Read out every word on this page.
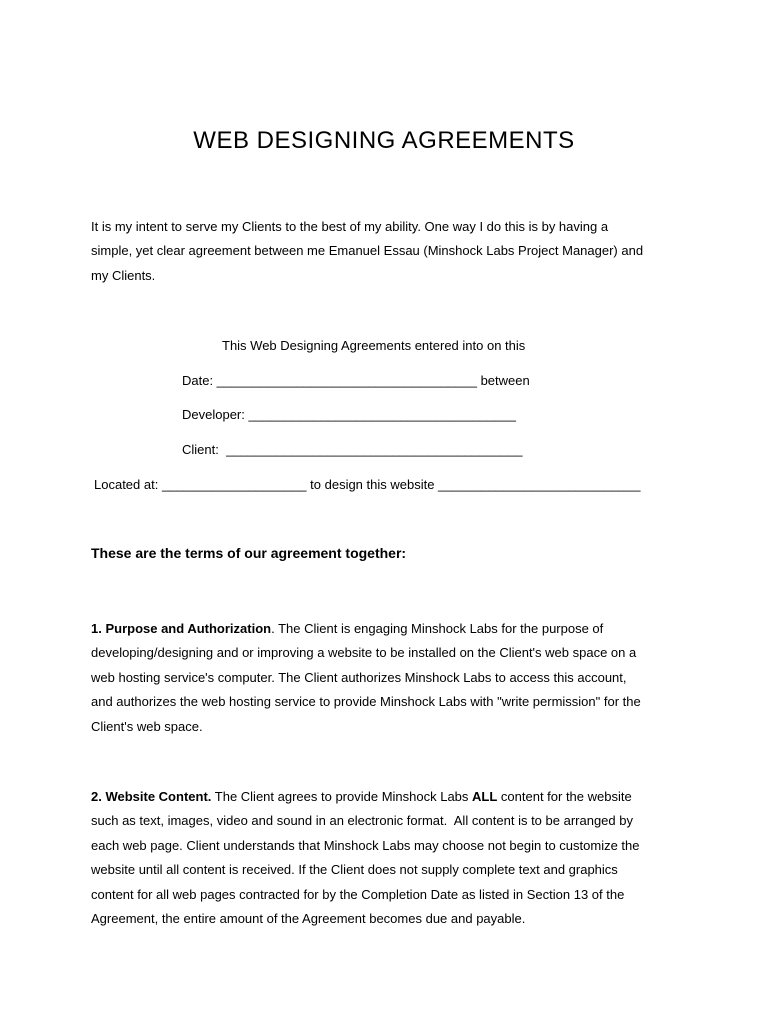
WEB DESIGNING AGREEMENTS
It is my intent to serve my Clients to the best of my ability. One way I do this is by having a
simple, yet clear agreement between me Emanuel Essau (Minshock Labs Project Manager) and
my Clients.
This Web Designing Agreements entered into on this
Date: ____________________________________ between
Developer: _____________________________________
Client:  _________________________________________
Located at: ____________________ to design this website ____________________________
These are the terms of our agreement together:
1. Purpose and Authorization. The Client is engaging Minshock Labs for the purpose of
developing/designing and or improving a website to be installed on the Client's web space on a
web hosting service's computer. The Client authorizes Minshock Labs to access this account,
and authorizes the web hosting service to provide Minshock Labs with "write permission" for the
Client's web space.
2. Website Content. The Client agrees to provide Minshock Labs ALL content for the website
such as text, images, video and sound in an electronic format.  All content is to be arranged by
each web page. Client understands that Minshock Labs may choose not begin to customize the
website until all content is received. If the Client does not supply complete text and graphics
content for all web pages contracted for by the Completion Date as listed in Section 13 of the
Agreement, the entire amount of the Agreement becomes due and payable.
